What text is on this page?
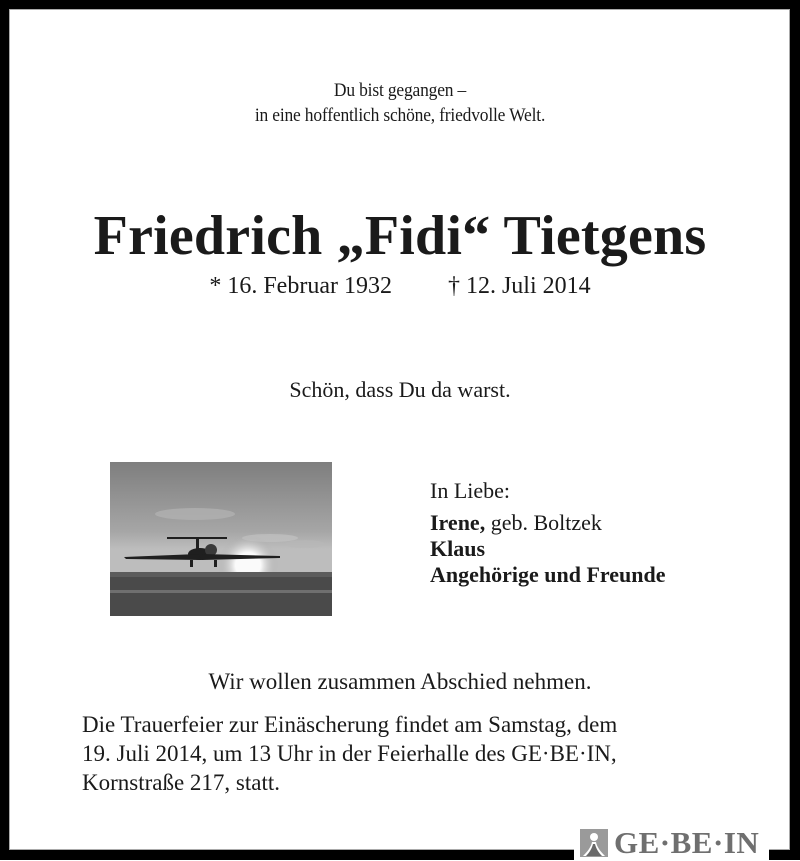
Du bist gegangen –
in eine hoffentlich schöne, friedvolle Welt.
Friedrich „Fidi“ Tietgens
* 16. Februar 1932 † 12. Juli 2014
Schön, dass Du da warst.
In Liebe:
Irene, geb. Boltzek
Klaus
Angehörige und Freunde
Wir wollen zusammen Abschied nehmen.
Die Trauerfeier zur Einäscherung findet am Samstag, dem
19. Juli 2014, um 13 Uhr in der Feierhalle des GE·BE·IN,
Kornstraße 217, statt.
GE·BE·IN
